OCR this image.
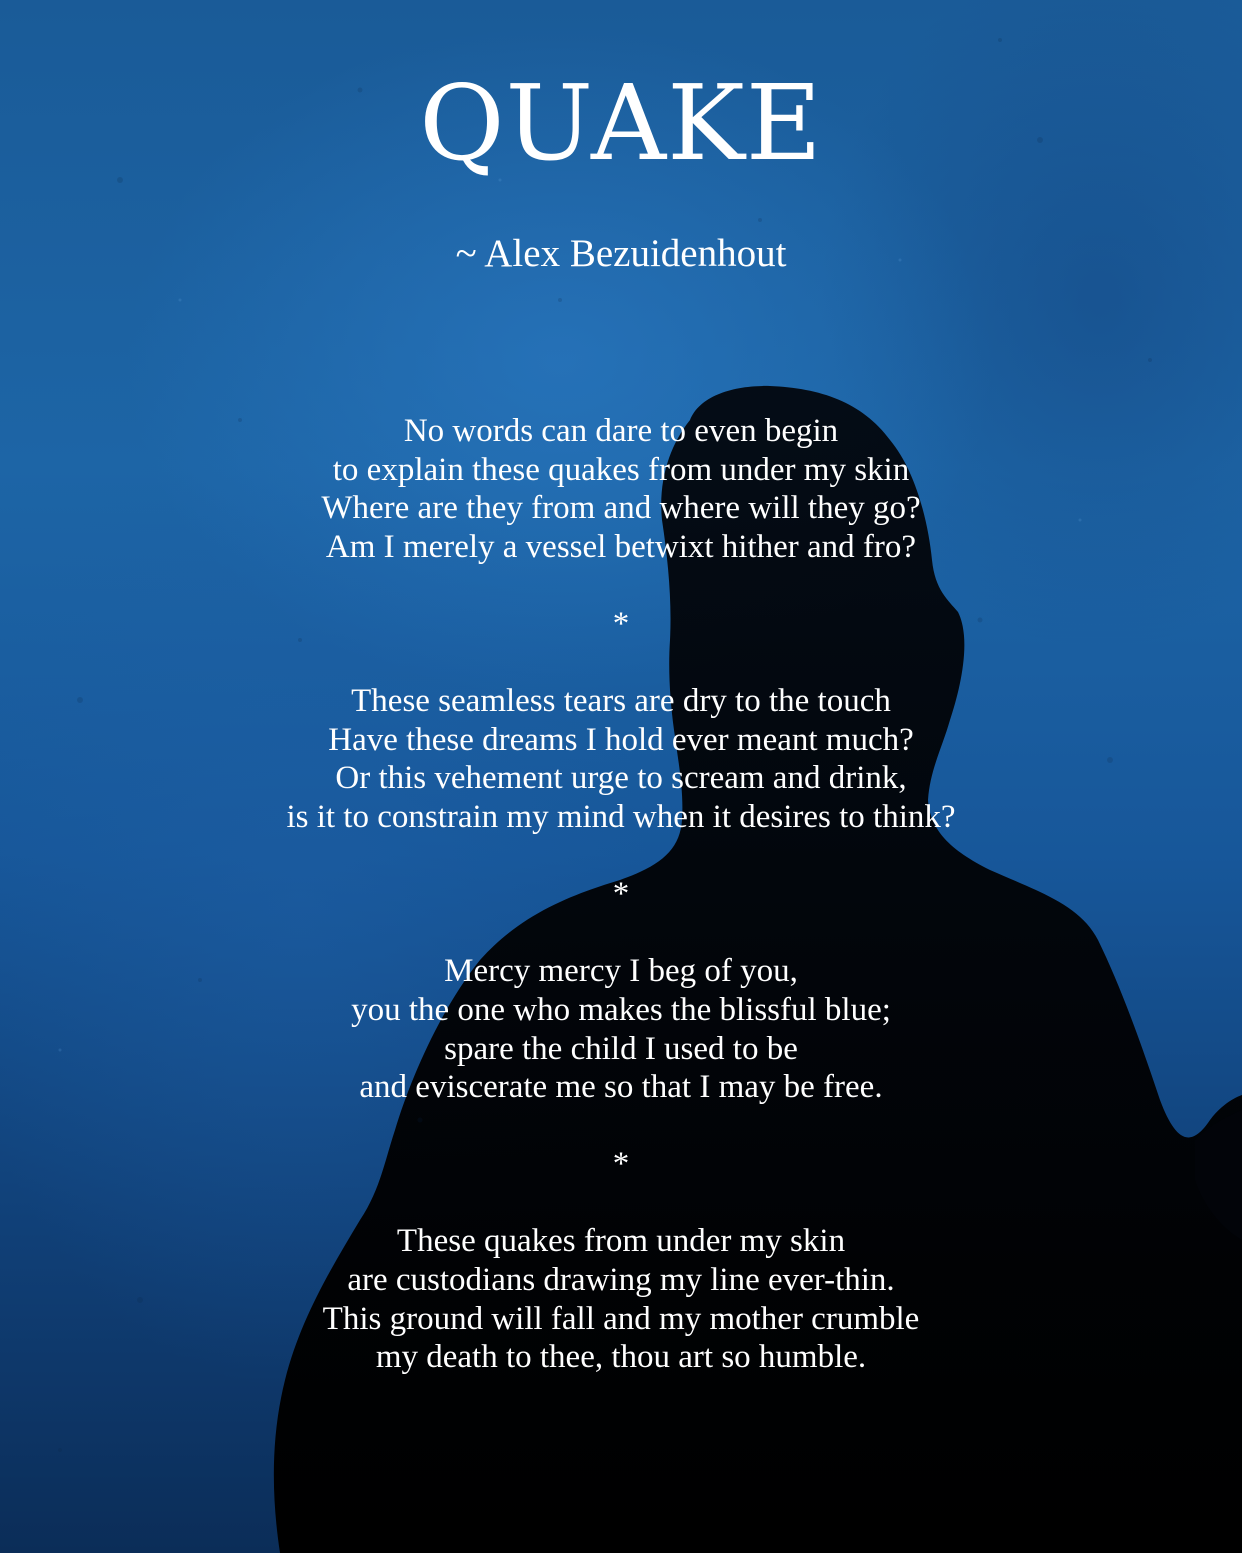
QUAKE
~ Alex Bezuidenhout

No words can dare to even begin
to explain these quakes from under my skin
Where are they from and where will they go?
Am I merely a vessel betwixt hither and fro?

*

These seamless tears are dry to the touch
Have these dreams I hold ever meant much?
Or this vehement urge to scream and drink,
is it to constrain my mind when it desires to think?

*

Mercy mercy I beg of you,
you the one who makes the blissful blue;
spare the child I used to be
and eviscerate me so that I may be free.

*

These quakes from under my skin
are custodians drawing my line ever-thin.
This ground will fall and my mother crumble
my death to thee, thou art so humble.
